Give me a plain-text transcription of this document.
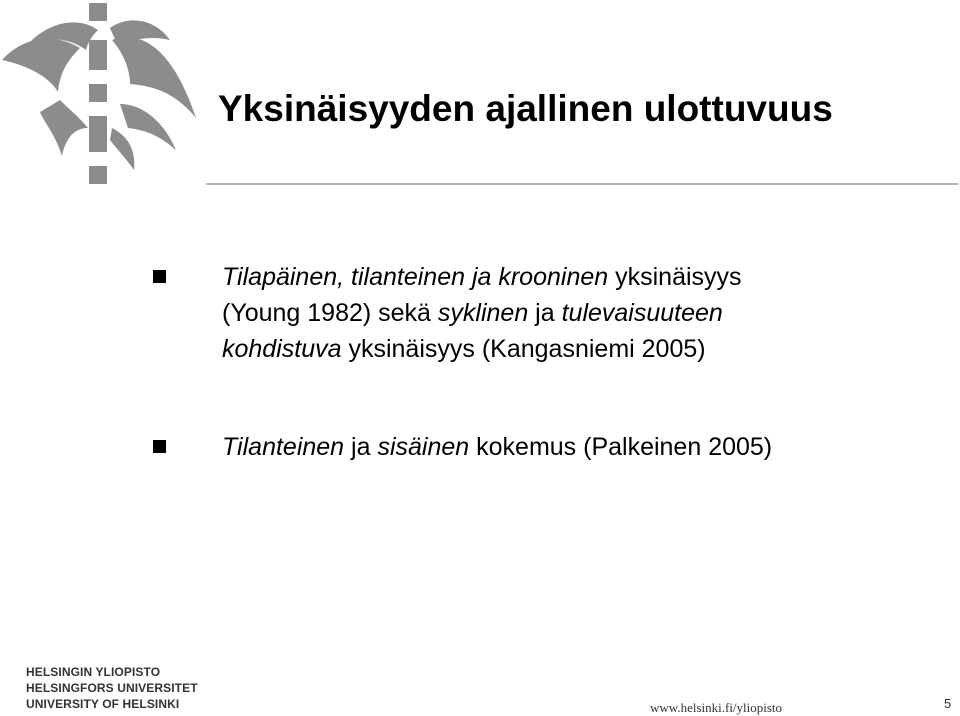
Yksinäisyyden ajallinen ulottuvuus
Tilapäinen, tilanteinen ja krooninen yksinäisyys
(Young 1982) sekä syklinen ja tulevaisuuteen
kohdistuva yksinäisyys (Kangasniemi 2005)
Tilanteinen ja sisäinen kokemus (Palkeinen 2005)
HELSINGIN YLIOPISTO
HELSINGFORS UNIVERSITET
UNIVERSITY OF HELSINKI	www.helsinki.fi/yliopisto	5
